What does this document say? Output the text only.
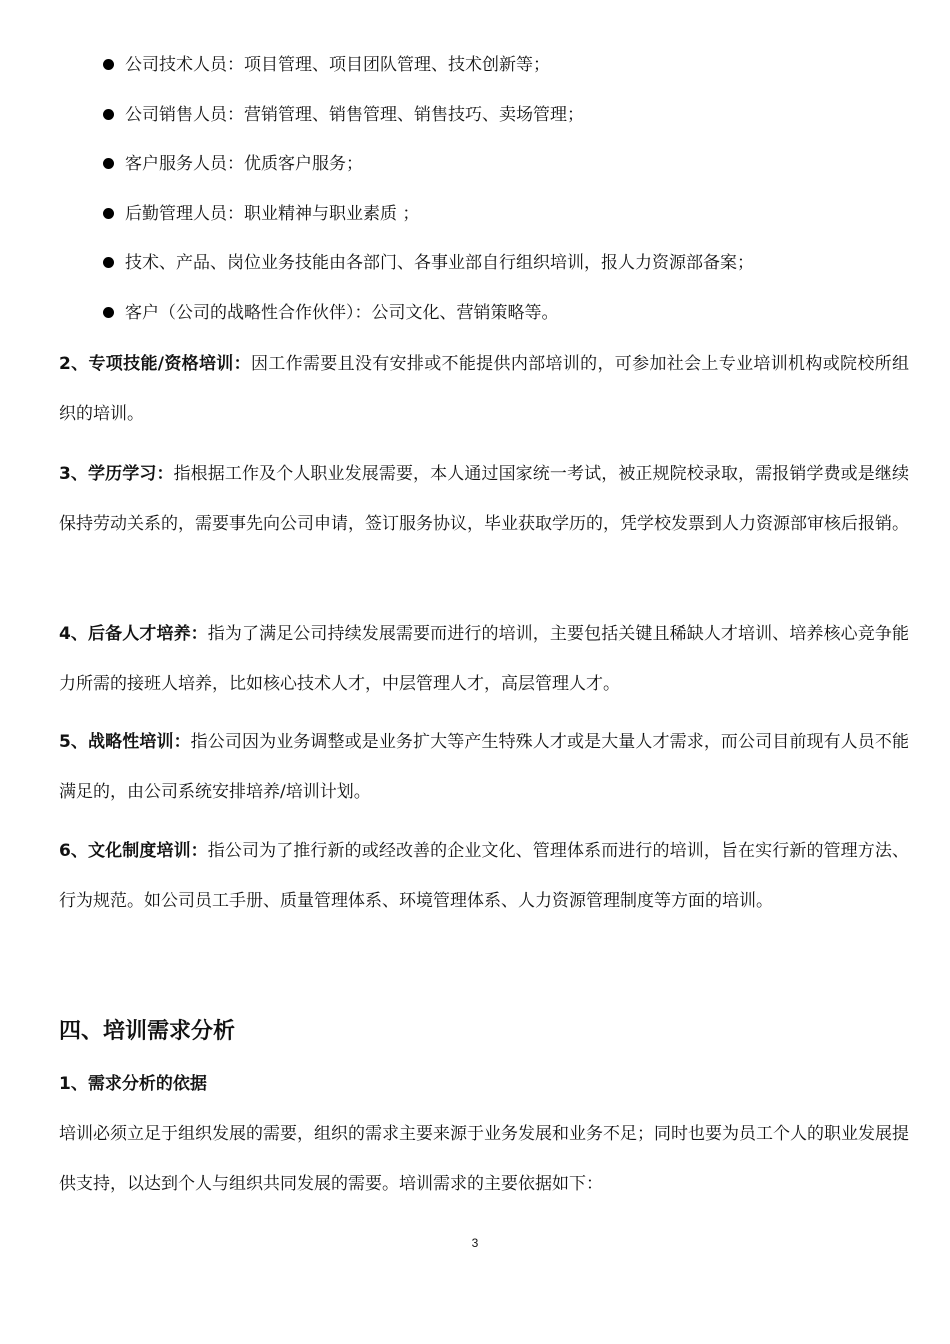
公司技术人员：项目管理、项目团队管理、技术创新等；
公司销售人员：营销管理、销售管理、销售技巧、卖场管理；
客户服务人员：优质客户服务；
后勤管理人员：职业精神与职业素质 ；
技术、产品、岗位业务技能由各部门、各事业部自行组织培训，报人力资源部备案；
客户（公司的战略性合作伙伴）：公司文化、营销策略等。

2、专项技能/资格培训：因工作需要且没有安排或不能提供内部培训的，可参加社会上专业培训机构或院校所组织的培训。

3、学历学习：指根据工作及个人职业发展需要，本人通过国家统一考试，被正规院校录取，需报销学费或是继续保持劳动关系的，需要事先向公司申请，签订服务协议，毕业获取学历的，凭学校发票到人力资源部审核后报销。

4、后备人才培养：指为了满足公司持续发展需要而进行的培训，主要包括关键且稀缺人才培训、培养核心竞争能力所需的接班人培养，比如核心技术人才，中层管理人才，高层管理人才。

5、战略性培训：指公司因为业务调整或是业务扩大等产生特殊人才或是大量人才需求，而公司目前现有人员不能满足的，由公司系统安排培养/培训计划。

6、文化制度培训：指公司为了推行新的或经改善的企业文化、管理体系而进行的培训，旨在实行新的管理方法、行为规范。如公司员工手册、质量管理体系、环境管理体系、人力资源管理制度等方面的培训。

四、培训需求分析
1、需求分析的依据

培训必须立足于组织发展的需要，组织的需求主要来源于业务发展和业务不足；同时也要为员工个人的职业发展提供支持，以达到个人与组织共同发展的需要。培训需求的主要依据如下：

3
